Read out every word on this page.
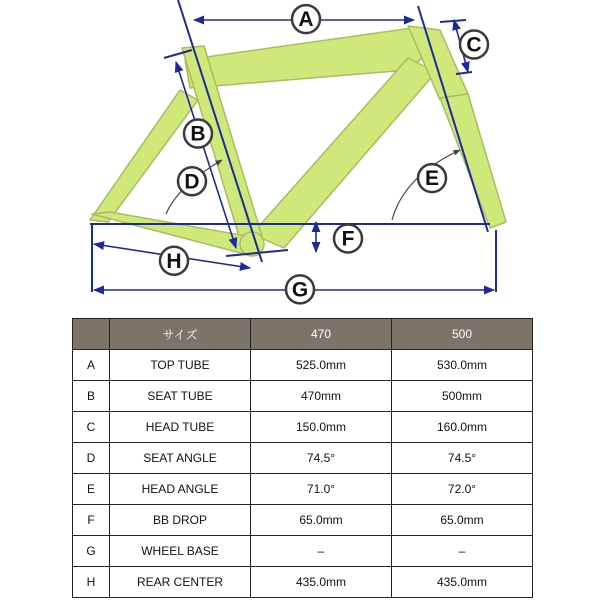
A
B
C
D	E
F
G
H
	サイズ	470	500
A	TOP TUBE	525.0mm	530.0mm
B	SEAT TUBE	470mm	500mm
C	HEAD TUBE	150.0mm	160.0mm
D	SEAT ANGLE	74.5°	74.5°
E	HEAD ANGLE	71.0°	72.0°
F	BB DROP	65.0mm	65.0mm
G	WHEEL BASE	–	–
H	REAR CENTER	435.0mm	435.0mm
